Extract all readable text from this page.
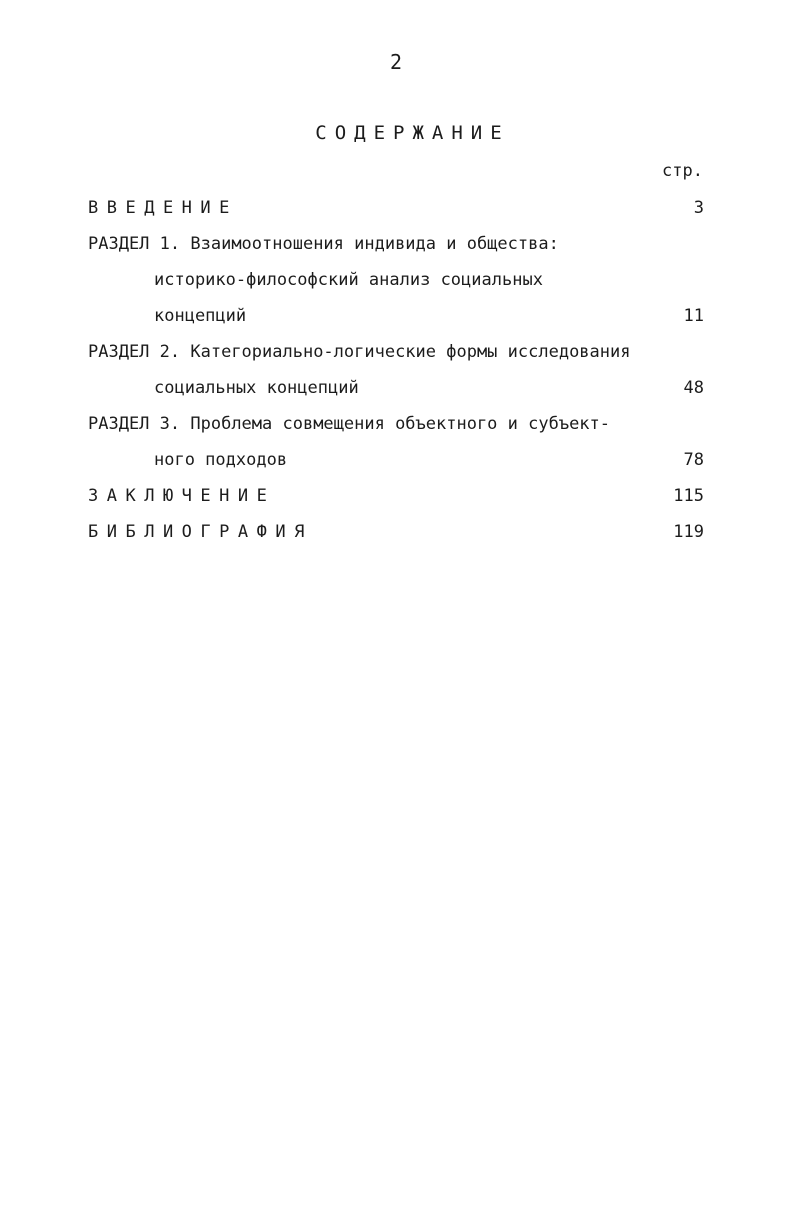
2
СОДЕРЖАНИЕ
стр.
ВВЕДЕНИЕ	3
РАЗДЕЛ 1. Взаимоотношения индивида и общества:
историко-философский анализ социальных
концепций	11
РАЗДЕЛ 2. Категориально-логические формы исследования
социальных концепций	48
РАЗДЕЛ 3. Проблема совмещения объектного и субъект-
ного подходов	78
ЗАКЛЮЧЕНИЕ	115
БИБЛИОГРАФИЯ	119
